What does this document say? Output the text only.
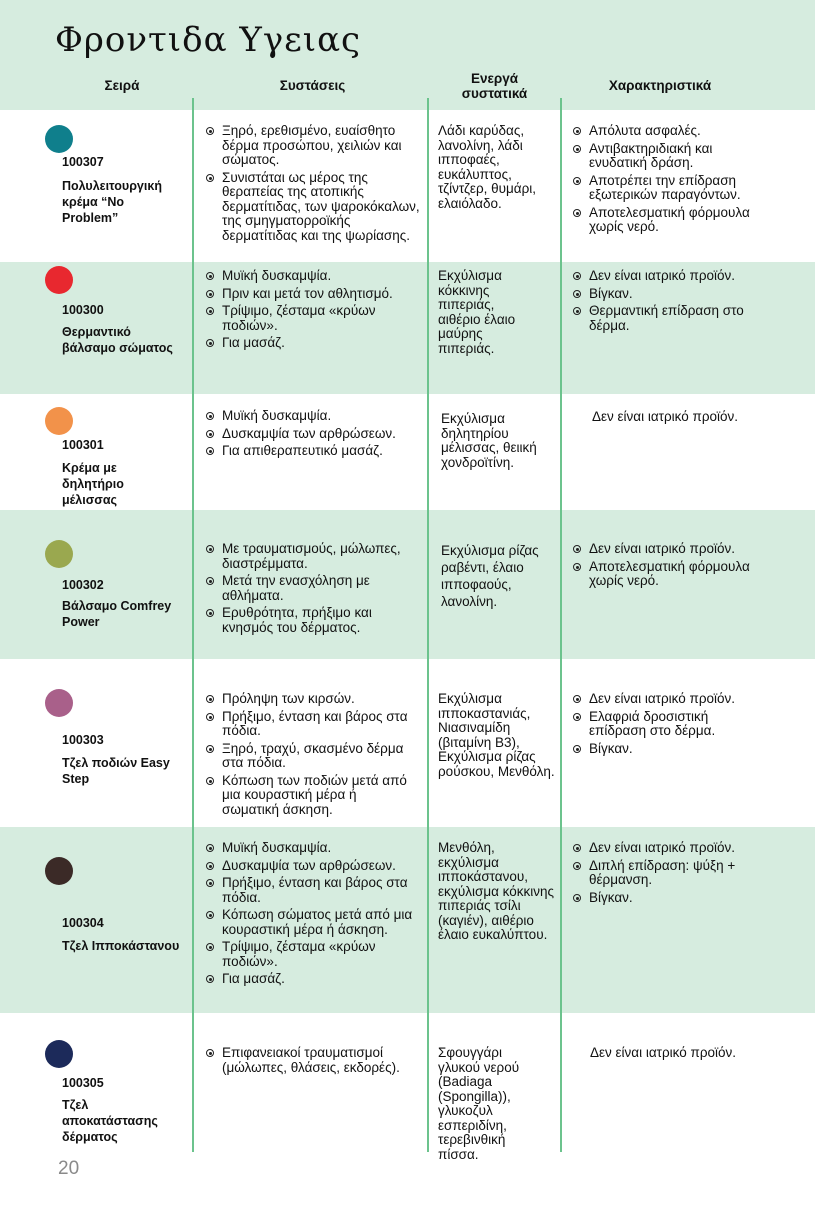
Φροντιδα Υγειας
Σειρά	Συστάσεις	Ενεργά
συστατικά
Χαρακτηριστικά
100307
Πολυλειτουργική κρέμα “No Problem”
Ξηρό, ερεθισμένο, ευαίσθητο δέρμα προσώπου, χειλιών και σώματος.
Συνιστάται ως μέρος της θεραπείας της ατοπικής δερματίτιδας, των ψαροκόκαλων, της σμηγματορροϊκής δερματίτιδας και της ψωρίασης.
Λάδι καρύδας, λανολίνη, λάδι ιπποφαές, ευκάλυπτος, τζίντζερ, θυμάρι, ελαιόλαδο.
Απόλυτα ασφαλές.
Αντιβακτηριδιακή και ενυδατική δράση.
Αποτρέπει την επίδραση εξωτερικών παραγόντων.
Αποτελεσματική φόρμουλα χωρίς νερό.
100300
Θερμαντικό βάλσαμο σώματος
Μυϊκή δυσκαμψία.
Πριν και μετά τον αθλητισμό.
Τρίψιμο, ζέσταμα «κρύων ποδιών».
Για μασάζ.
Εκχύλισμα κόκκινης πιπεριάς, αιθέριο έλαιο μαύρης πιπεριάς.
Δεν είναι ιατρικό προϊόν.
Βίγκαν.
Θερμαντική επίδραση στο δέρμα.
100301
Κρέμα με δηλητήριο μέλισσας
Μυϊκή δυσκαμψία.
Δυσκαμψία των αρθρώσεων.
Για απιθεραπευτικό μασάζ.
Εκχύλισμα δηλητηρίου μέλισσας, θειική χονδροϊτίνη.
Δεν είναι ιατρικό προϊόν.
100302
Βάλσαμο Comfrey Power
Με τραυματισμούς, μώλωπες, διαστρέμματα.
Μετά την ενασχόληση με αθλήματα.
Ερυθρότητα, πρήξιμο και κνησμός του δέρματος.
Εκχύλισμα ρίζας ραβέντι, έλαιο ιπποφαούς, λανολίνη.
Δεν είναι ιατρικό προϊόν.
Αποτελεσματική φόρμουλα χωρίς νερό.
100303
Τζελ ποδιών Easy Step
Πρόληψη των κιρσών.
Πρήξιμο, ένταση και βάρος στα πόδια.
Ξηρό, τραχύ, σκασμένο δέρμα στα πόδια.
Κόπωση των ποδιών μετά από μια κουραστική μέρα ή σωματική άσκηση.
Εκχύλισμα ιπποκαστανιάς, Νιασιναμίδη (βιταμίνη B3), Εκχύλισμα ρίζας ρούσκου, Μενθόλη.
Δεν είναι ιατρικό προϊόν.
Ελαφριά δροσιστική επίδραση στο δέρμα.
Βίγκαν.
100304
Τζελ Ιπποκάστανου
Μυϊκή δυσκαμψία.
Δυσκαμψία των αρθρώσεων.
Πρήξιμο, ένταση και βάρος στα πόδια.
Κόπωση σώματος μετά από μια κουραστική μέρα ή άσκηση.
Τρίψιμο, ζέσταμα «κρύων ποδιών».
Για μασάζ.
Μενθόλη, εκχύλισμα ιπποκάστανου, εκχύλισμα κόκκινης πιπεριάς τσίλι (καγιέν), αιθέριο έλαιο ευκαλύπτου.
Δεν είναι ιατρικό προϊόν.
Διπλή επίδραση: ψύξη + θέρμανση.
Βίγκαν.
100305
Τζελ αποκατάστασης δέρματος
Επιφανειακοί τραυματισμοί (μώλωπες, θλάσεις, εκδορές).
Σφουγγάρι γλυκού νερού (Badiaga (Spongilla)), γλυκοζυλ εσπεριδίνη, τερεβινθική πίσσα.
Δεν είναι ιατρικό προϊόν.
20
